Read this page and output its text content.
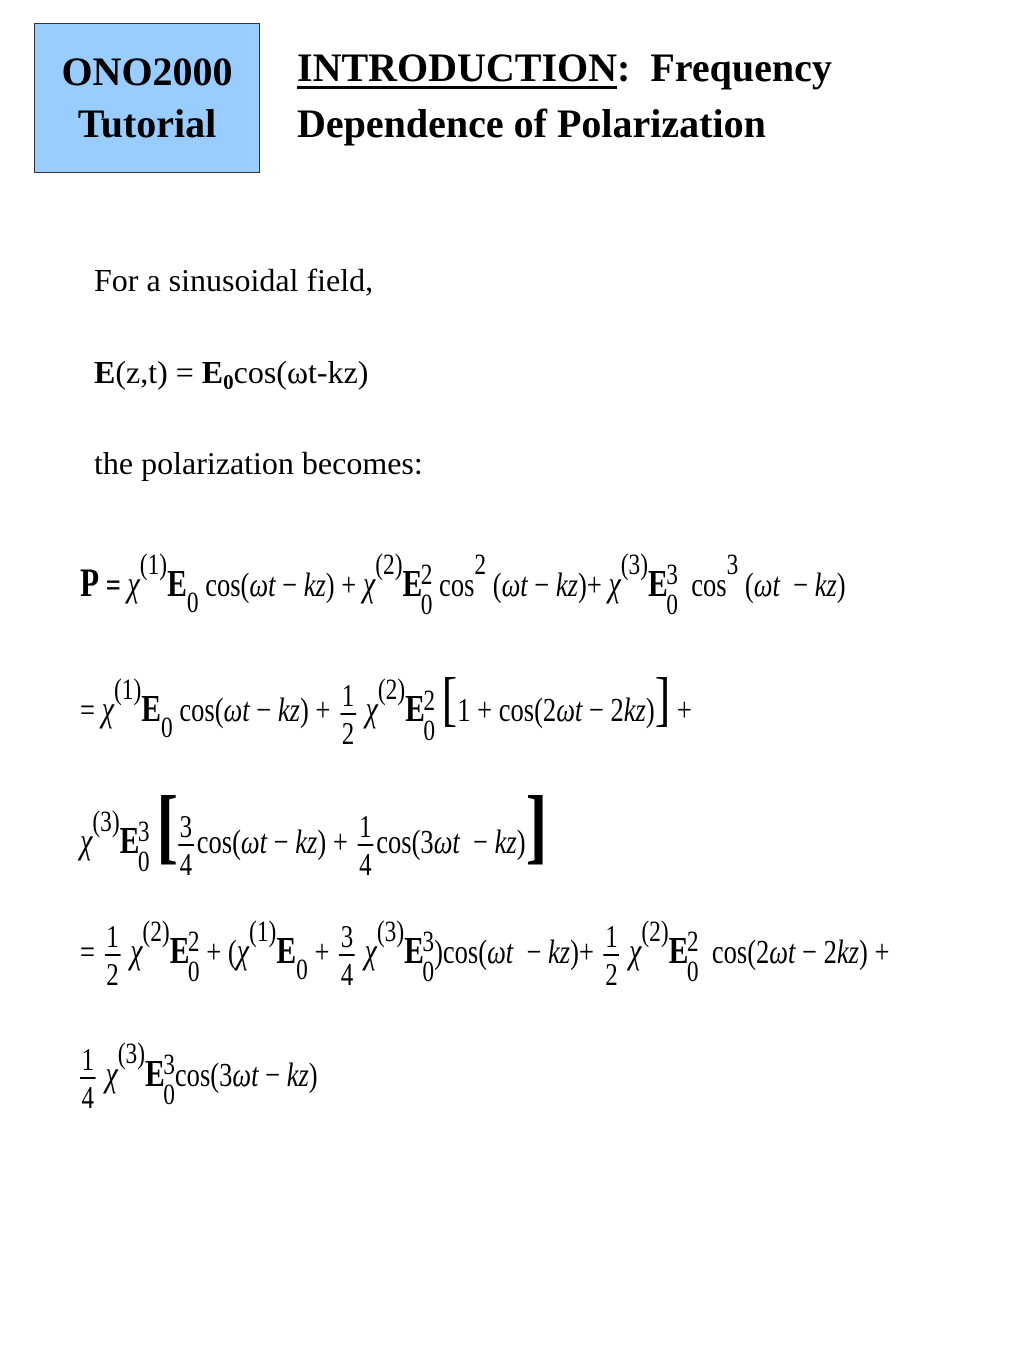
ONO2000
Tutorial
INTRODUCTION: Frequency
Dependence of Polarization
For a sinusoidal field,
$E(z,t) = E_0\cos(\omega t-kz)$
the polarization becomes:
P = χ(1)E0 cos(ωt − kz) + χ(2)E
2
0
cos2 (ωt − kz)+ χ(3)E
3
0
cos3 (ωt  − kz)
= χ(1)E0 $\cos(\omega t - kz) + \frac{1}{2} \chi(2)E$
2
0 [1 + cos(2ωt − 2kz)] +
χ(3)E
3
0 [ $\frac{3}{4} \cos(\omega t - kz) + \frac{1}{4} \cos(3\omega t - kz)$]
= $\frac{1}{2} \chi(2)E$
2
0
+ ($\chi(1)E0 + \frac{3}{4} \chi(3)E$
3
0
)$\cos(\omega t - kz)+ \frac{1}{2} \chi(2)E$
2
0
cos(2ωt − 2kz) +
$\frac{1}{4} \chi(3)E$
3
0
cos(3ωt − kz)
